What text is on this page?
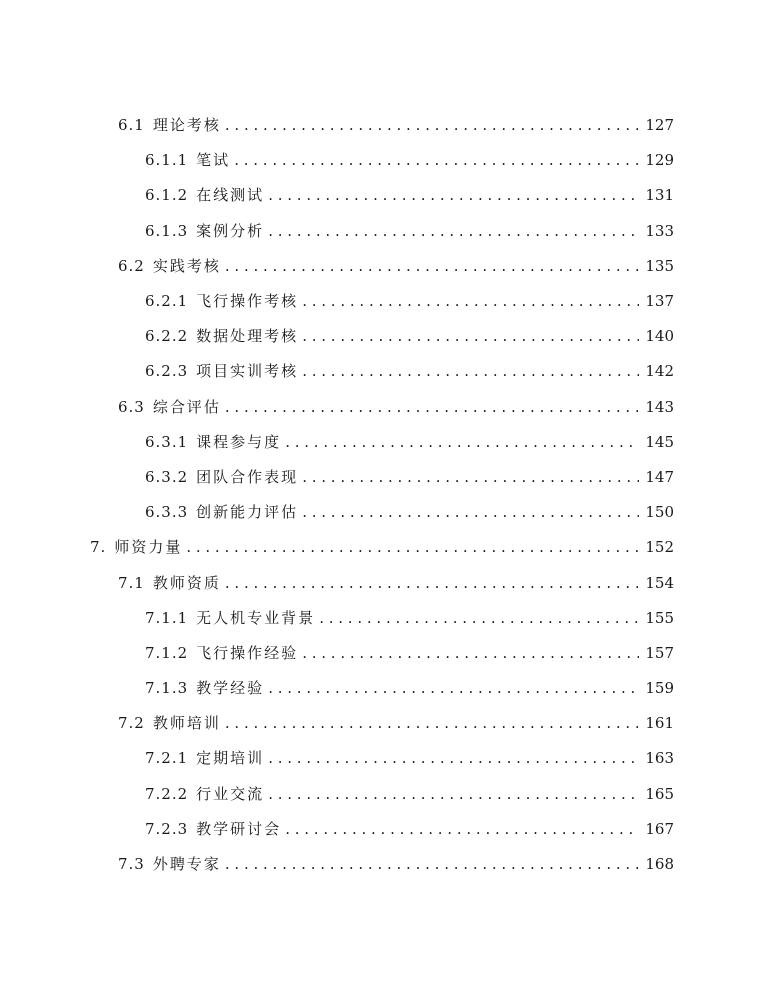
6.1 理论考核 . . .	127
6.1.1 笔试 . . .	129
6.1.2 在线测试 . . .	131
6.1.3 案例分析 . . .	133
6.2 实践考核 . . .	135
6.2.1 飞行操作考核 . . .	137
6.2.2 数据处理考核 . . .	140
6.2.3 项目实训考核 . . .	142
6.3 综合评估 . . .	143
6.3.1 课程参与度 . . .	145
6.3.2 团队合作表现 . . .	147
6.3.3 创新能力评估 . . .	150
7. 师资力量 . . .	152
7.1 教师资质 . . .	154
7.1.1 无人机专业背景 . . .	155
7.1.2 飞行操作经验 . . .	157
7.1.3 教学经验 . . .	159
7.2 教师培训 . . .	161
7.2.1 定期培训 . . .	163
7.2.2 行业交流 . . .	165
7.2.3 教学研讨会 . . .	167
7.3 外聘专家 . . .	168
